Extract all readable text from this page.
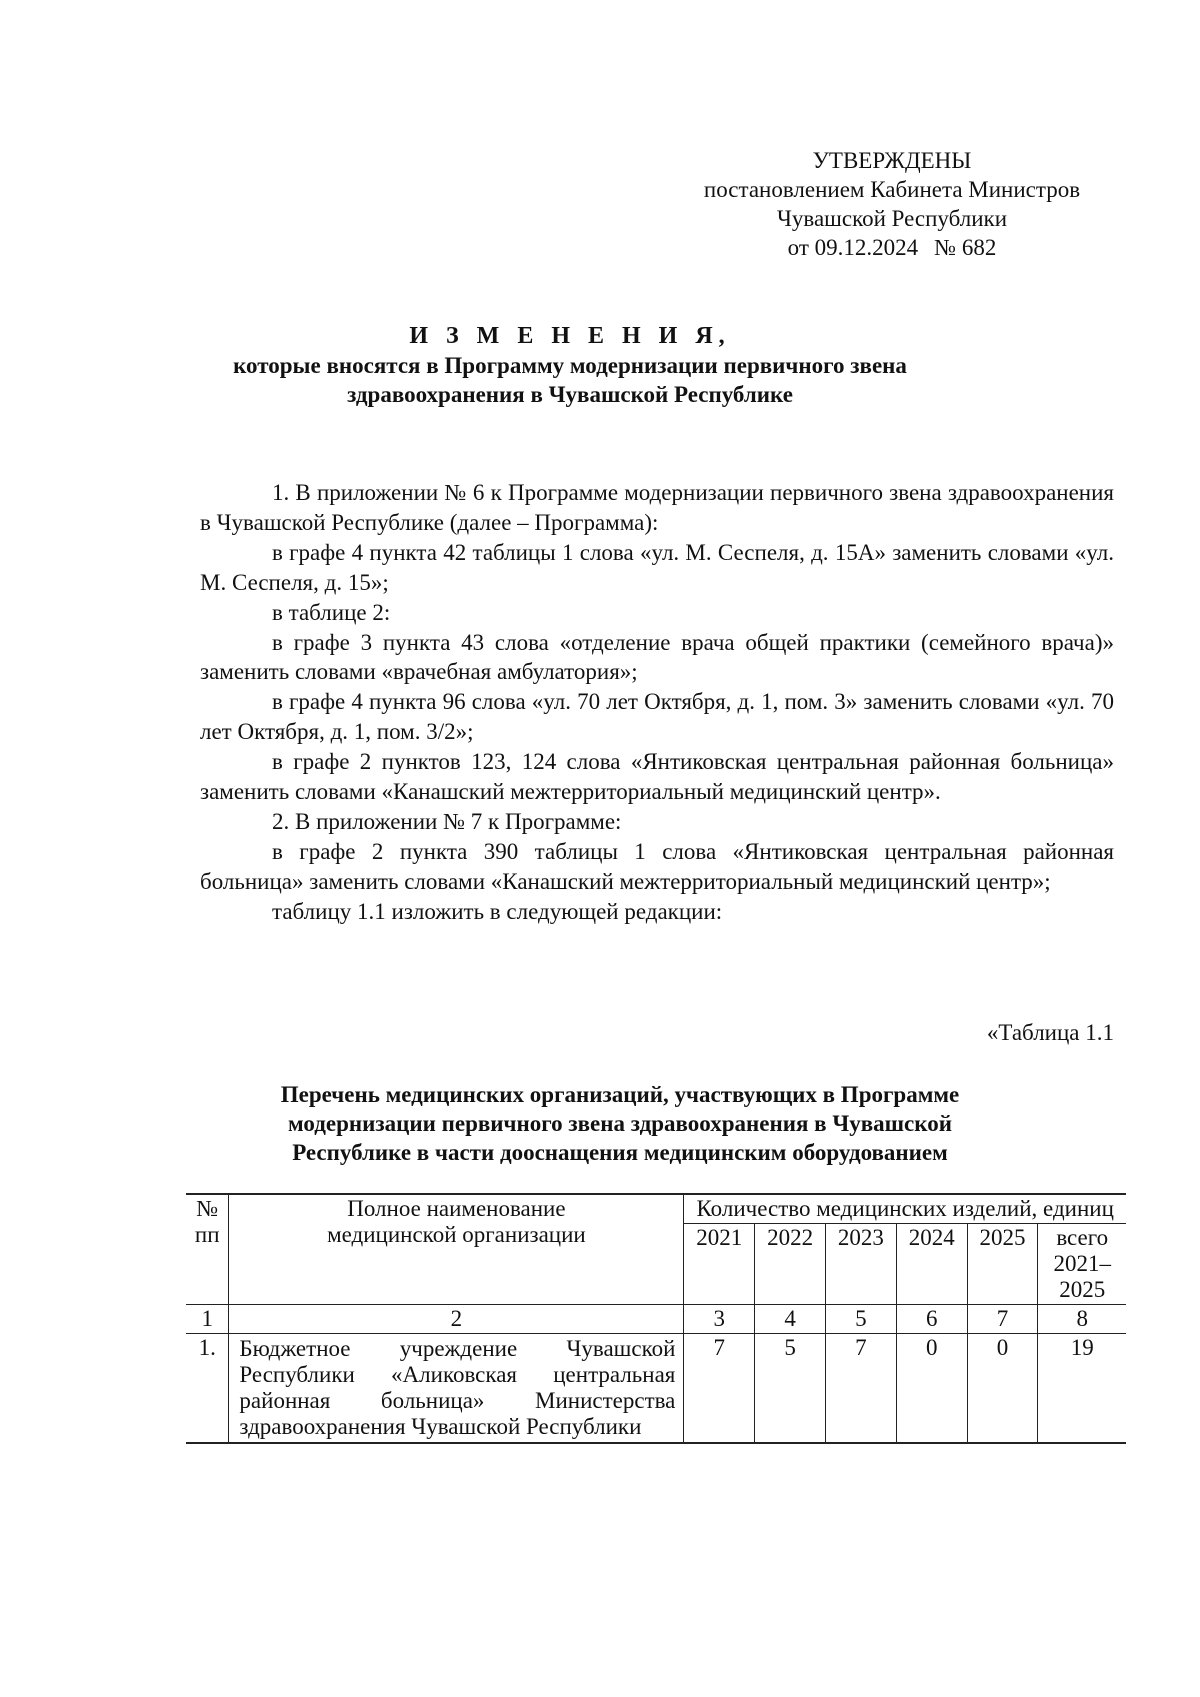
УТВЕРЖДЕНЫ
постановлением Кабинета Министров
Чувашской Республики
от 09.12.2024 № 682
И З М Е Н Е Н И Я,
которые вносятся в Программу модернизации первичного звена
здравоохранения в Чувашской Республике

1. В приложении № 6 к Программе модернизации первичного звена здравоохранения в Чувашской Республике (далее – Программа):

в графе 4 пункта 42 таблицы 1 слова «ул. М. Сеспеля, д. 15А» заменить словами «ул. М. Сеспеля, д. 15»;

в таблице 2:

в графе 3 пункта 43 слова «отделение врача общей практики (семейного врача)» заменить словами «врачебная амбулатория»;

в графе 4 пункта 96 слова «ул. 70 лет Октября, д. 1, пом. 3» заменить словами «ул. 70 лет Октября, д. 1, пом. 3/2»;

в графе 2 пунктов 123, 124 слова «Янтиковская центральная районная больница» заменить словами «Канашский межтерриториальный медицинский центр».

2. В приложении № 7 к Программе:

в графе 2 пункта 390 таблицы 1 слова «Янтиковская центральная районная больница» заменить словами «Канашский межтерриториальный медицинский центр»;

таблицу 1.1 изложить в следующей редакции:

«Таблица 1.1
Перечень медицинских организаций, участвующих в Программе
модернизации первичного звена здравоохранения в Чувашской
Республике в части дооснащения медицинским оборудованием
№ пп	Полное наименование медицинской организации	Количество медицинских изделий, единиц					
		2021	2022	2023	2024	2025	всего 2021–2025
1	2	3	4	5	6	7	8
1.	Бюджетное учреждение Чувашской Республики «Аликовская центральная районная больница» Министерства здравоохранения Чувашской Республики	7	5	7	0	0	19
